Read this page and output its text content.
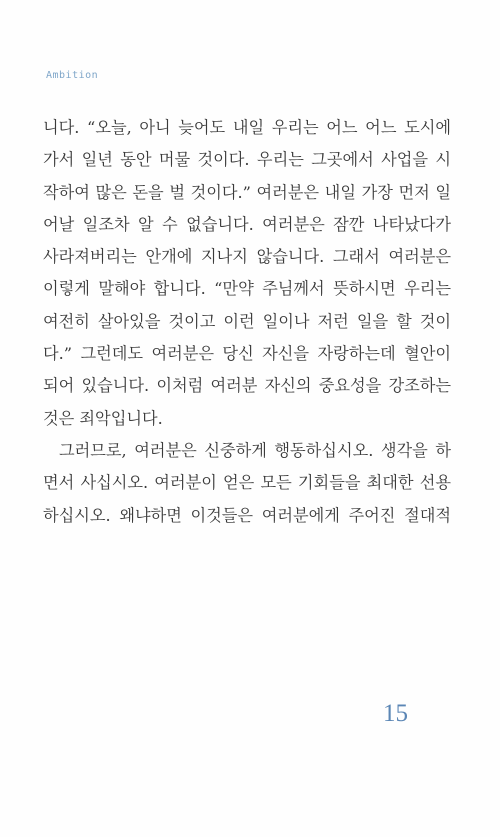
Ambition
니다. “오늘, 아니 늦어도 내일 우리는 어느 어느 도시에
가서 일년 동안 머물 것이다. 우리는 그곳에서 사업을 시
작하여 많은 돈을 벌 것이다.” 여러분은 내일 가장 먼저 일
어날 일조차 알 수 없습니다. 여러분은 잠깐 나타났다가
사라져버리는 안개에 지나지 않습니다. 그래서 여러분은
이렇게 말해야 합니다. “만약 주님께서 뜻하시면 우리는
여전히 살아있을 것이고 이런 일이나 저런 일을 할 것이
다.” 그런데도 여러분은 당신 자신을 자랑하는데 혈안이
되어 있습니다. 이처럼 여러분 자신의 중요성을 강조하는
것은 죄악입니다.
그러므로, 여러분은 신중하게 행동하십시오. 생각을 하
면서 사십시오. 여러분이 얻은 모든 기회들을 최대한 선용
하십시오. 왜냐하면 이것들은 여러분에게 주어진 절대적
15
